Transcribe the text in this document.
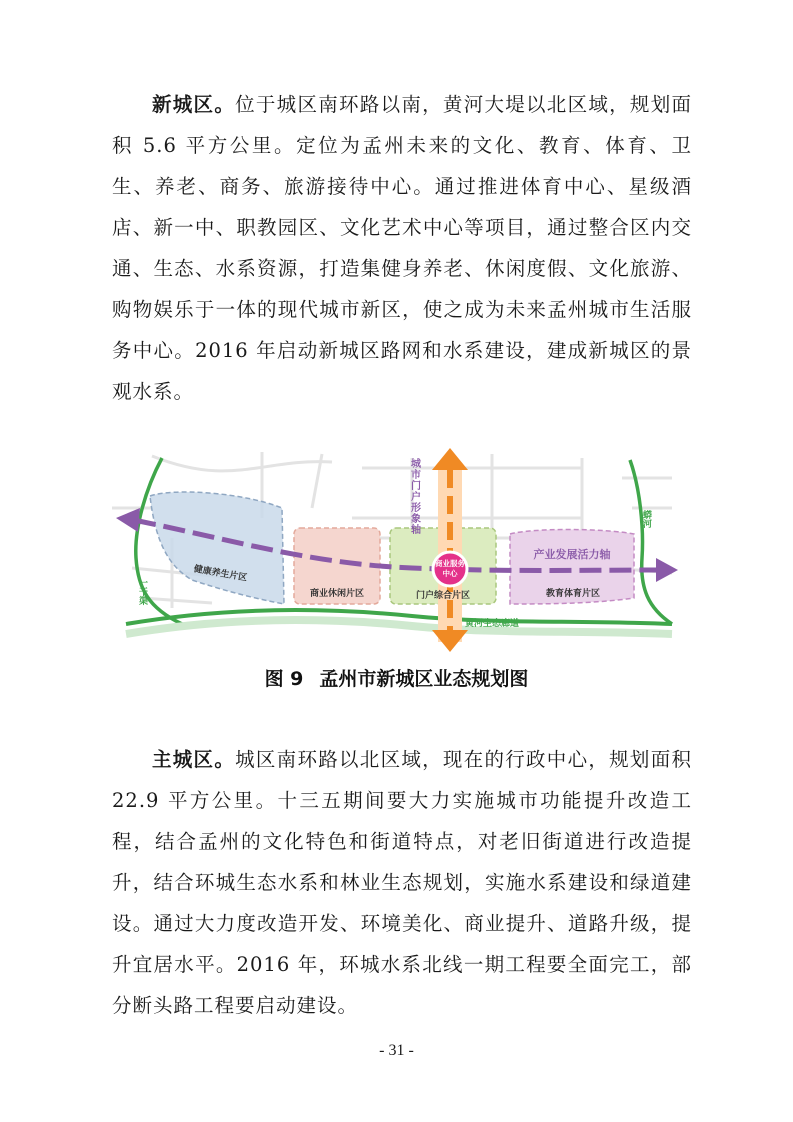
新城区。位于城区南环路以南，黄河大堤以北区域，规划面积 5.6 平方公里。定位为孟州未来的文化、教育、体育、卫生、养老、商务、旅游接待中心。通过推进体育中心、星级酒店、新一中、职教园区、文化艺术中心等项目，通过整合区内交通、生态、水系资源，打造集健身养老、休闲度假、文化旅游、购物娱乐于一体的现代城市新区，使之成为未来孟州城市生活服务中心。2016 年启动新城区路网和水系建设，建成新城区的景观水系。

商业服务
中心
城市门户形象轴
健康养生片区
商业休闲片区	门户综合片区	教育体育片区
产业发展活力轴
一干渠
蟒河
黄河生态廊道
图 9 孟州市新城区业态规划图

主城区。城区南环路以北区域，现在的行政中心，规划面积 22.9 平方公里。十三五期间要大力实施城市功能提升改造工程，结合孟州的文化特色和街道特点，对老旧街道进行改造提升，结合环城生态水系和林业生态规划，实施水系建设和绿道建设。通过大力度改造开发、环境美化、商业提升、道路升级，提升宜居水平。2016 年，环城水系北线一期工程要全面完工，部分断头路工程要启动建设。

- 31 -
